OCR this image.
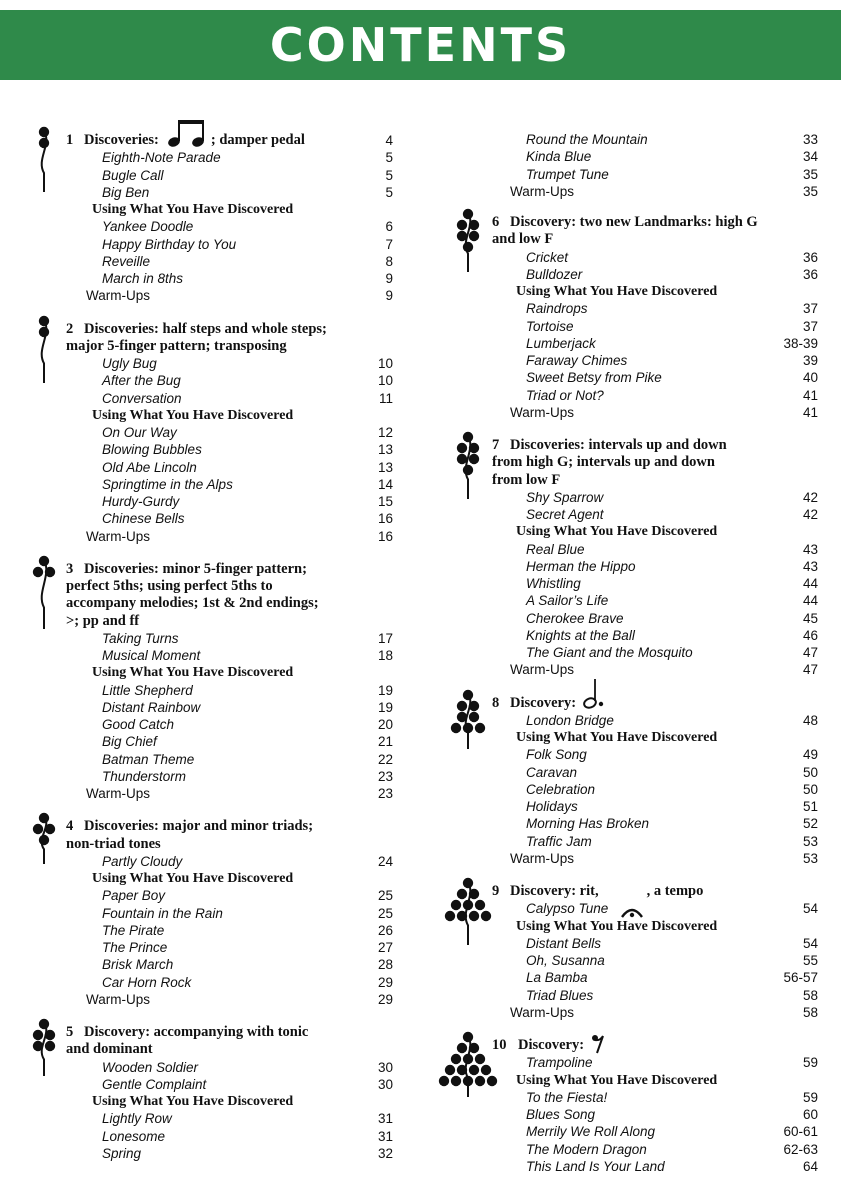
CONTENTS
1 Discoveries:	; damper pedal	4
Eighth-Note Parade	5
Bugle Call	5
Big Ben	5
Using What You Have Discovered
Yankee Doodle	6
Happy Birthday to You	7
Reveille	8
March in 8ths	9
Warm-Ups	9
2 Discoveries: half steps and whole steps;
major 5-finger pattern; transposing
Ugly Bug	10
After the Bug	10
Conversation	11
Using What You Have Discovered
On Our Way	12
Blowing Bubbles	13
Old Abe Lincoln	13
Springtime in the Alps	14
Hurdy-Gurdy	15
Chinese Bells	16
Warm-Ups	16
3 Discoveries: minor 5-finger pattern;
perfect 5ths; using perfect 5ths to
accompany melodies; 1st & 2nd endings;
>; pp and ff
Taking Turns	17
Musical Moment	18
Using What You Have Discovered
Little Shepherd	19
Distant Rainbow	19
Good Catch	20
Big Chief	21
Batman Theme	22
Thunderstorm	23
Warm-Ups	23
4 Discoveries: major and minor triads;
non-triad tones
Partly Cloudy	24
Using What You Have Discovered
Paper Boy	25
Fountain in the Rain	25
The Pirate	26
The Prince	27
Brisk March	28
Car Horn Rock	29
Warm-Ups	29
5 Discovery: accompanying with tonic
and dominant
Wooden Soldier	30
Gentle Complaint	30
Using What You Have Discovered
Lightly Row	31
Lonesome	31
Spring	32
Round the Mountain	33
Kinda Blue	34
Trumpet Tune	35
Warm-Ups	35
6 Discovery: two new Landmarks: high G
and low F
Cricket	36
Bulldozer	36
Using What You Have Discovered
Raindrops	37
Tortoise	37
Lumberjack	38-39
Faraway Chimes	39
Sweet Betsy from Pike	40
Triad or Not?	41
Warm-Ups	41
7 Discoveries: intervals up and down
from high G; intervals up and down
from low F
Shy Sparrow	42
Secret Agent	42
Using What You Have Discovered
Real Blue	43
Herman the Hippo	43
Whistling	44
A Sailor’s Life	44
Cherokee Brave	45
Knights at the Ball	46
The Giant and the Mosquito	47
Warm-Ups	47
8 Discovery:
London Bridge	48
Using What You Have Discovered
Folk Song	49
Caravan	50
Celebration	50
Holidays	51
Morning Has Broken	52
Traffic Jam	53
Warm-Ups	53
9 Discovery: rit,	, a tempo
Calypso Tune	54
Using What You Have Discovered
Distant Bells	54
Oh, Susanna	55
La Bamba	56-57
Triad Blues	58
Warm-Ups	58
10 Discovery:
Trampoline	59
Using What You Have Discovered
To the Fiesta!	59
Blues Song	60
Merrily We Roll Along	60-61
The Modern Dragon	62-63
This Land Is Your Land	64
